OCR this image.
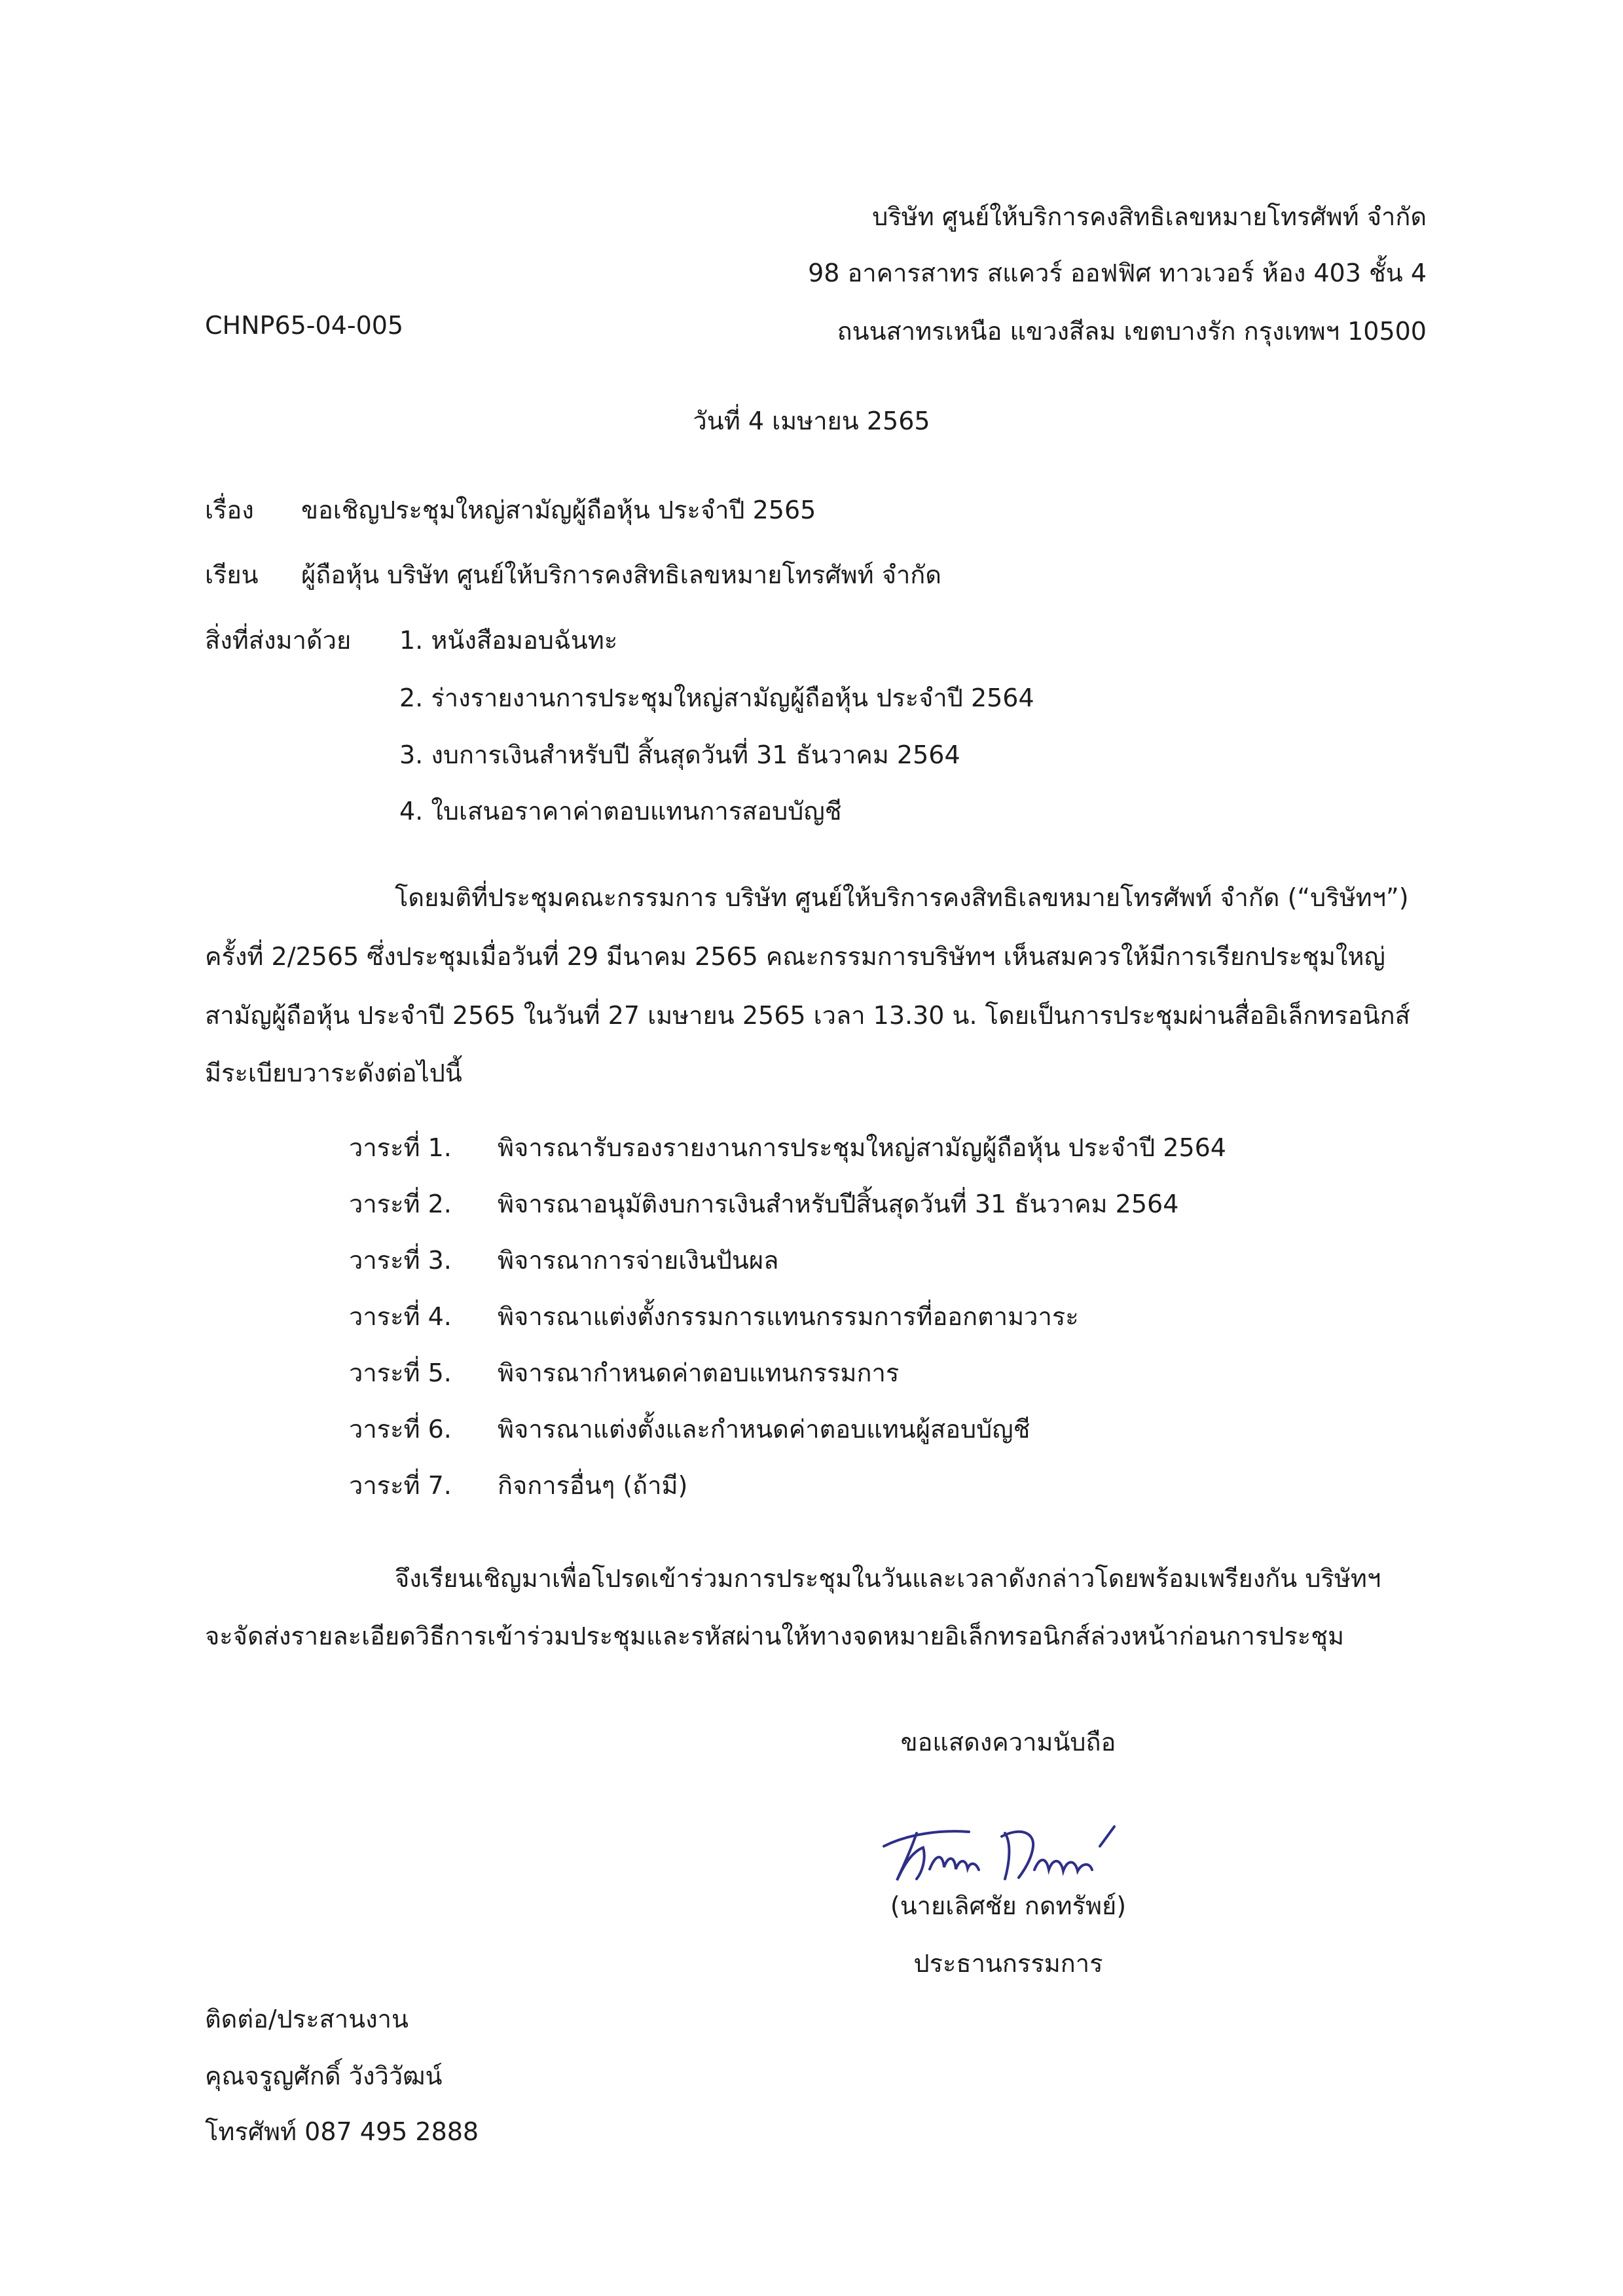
บริษัท ศูนย์ให้บริการคงสิทธิเลขหมายโทรศัพท์ จำกัด
98 อาคารสาทร สแควร์ ออฟฟิศ ทาวเวอร์ ห้อง 403 ชั้น 4
ถนนสาทรเหนือ แขวงสีลม เขตบางรัก กรุงเทพฯ 10500
CHNP65-04-005
วันที่ 4 เมษายน 2565
เรื่อง ขอเชิญประชุมใหญ่สามัญผู้ถือหุ้น ประจำปี 2565
เรียน ผู้ถือหุ้น บริษัท ศูนย์ให้บริการคงสิทธิเลขหมายโทรศัพท์ จำกัด
สิ่งที่ส่งมาด้วย 1. หนังสือมอบฉันทะ
2. ร่างรายงานการประชุมใหญ่สามัญผู้ถือหุ้น ประจำปี 2564
3. งบการเงินสำหรับปี สิ้นสุดวันที่ 31 ธันวาคม 2564
4. ใบเสนอราคาค่าตอบแทนการสอบบัญชี
โดยมติที่ประชุมคณะกรรมการ บริษัท ศูนย์ให้บริการคงสิทธิเลขหมายโทรศัพท์ จำกัด (“บริษัทฯ”)
ครั้งที่ 2/2565 ซึ่งประชุมเมื่อวันที่ 29 มีนาคม 2565 คณะกรรมการบริษัทฯ เห็นสมควรให้มีการเรียกประชุมใหญ่
สามัญผู้ถือหุ้น ประจำปี 2565 ในวันที่ 27 เมษายน 2565 เวลา 13.30 น. โดยเป็นการประชุมผ่านสื่ออิเล็กทรอนิกส์
มีระเบียบวาระดังต่อไปนี้
วาระที่ 1. พิจารณารับรองรายงานการประชุมใหญ่สามัญผู้ถือหุ้น ประจำปี 2564
วาระที่ 2. พิจารณาอนุมัติงบการเงินสำหรับปีสิ้นสุดวันที่ 31 ธันวาคม 2564
วาระที่ 3. พิจารณาการจ่ายเงินปันผล
วาระที่ 4. พิจารณาแต่งตั้งกรรมการแทนกรรมการที่ออกตามวาระ
วาระที่ 5. พิจารณากำหนดค่าตอบแทนกรรมการ
วาระที่ 6. พิจารณาแต่งตั้งและกำหนดค่าตอบแทนผู้สอบบัญชี
วาระที่ 7. กิจการอื่นๆ (ถ้ามี)
จึงเรียนเชิญมาเพื่อโปรดเข้าร่วมการประชุมในวันและเวลาดังกล่าวโดยพร้อมเพรียงกัน บริษัทฯ
จะจัดส่งรายละเอียดวิธีการเข้าร่วมประชุมและรหัสผ่านให้ทางจดหมายอิเล็กทรอนิกส์ล่วงหน้าก่อนการประชุม
ขอแสดงความนับถือ
(นายเลิศชัย กดทรัพย์)
ประธานกรรมการ
ติดต่อ/ประสานงาน
คุณจรูญศักดิ์ วังวิวัฒน์
โทรศัพท์ 087 495 2888
